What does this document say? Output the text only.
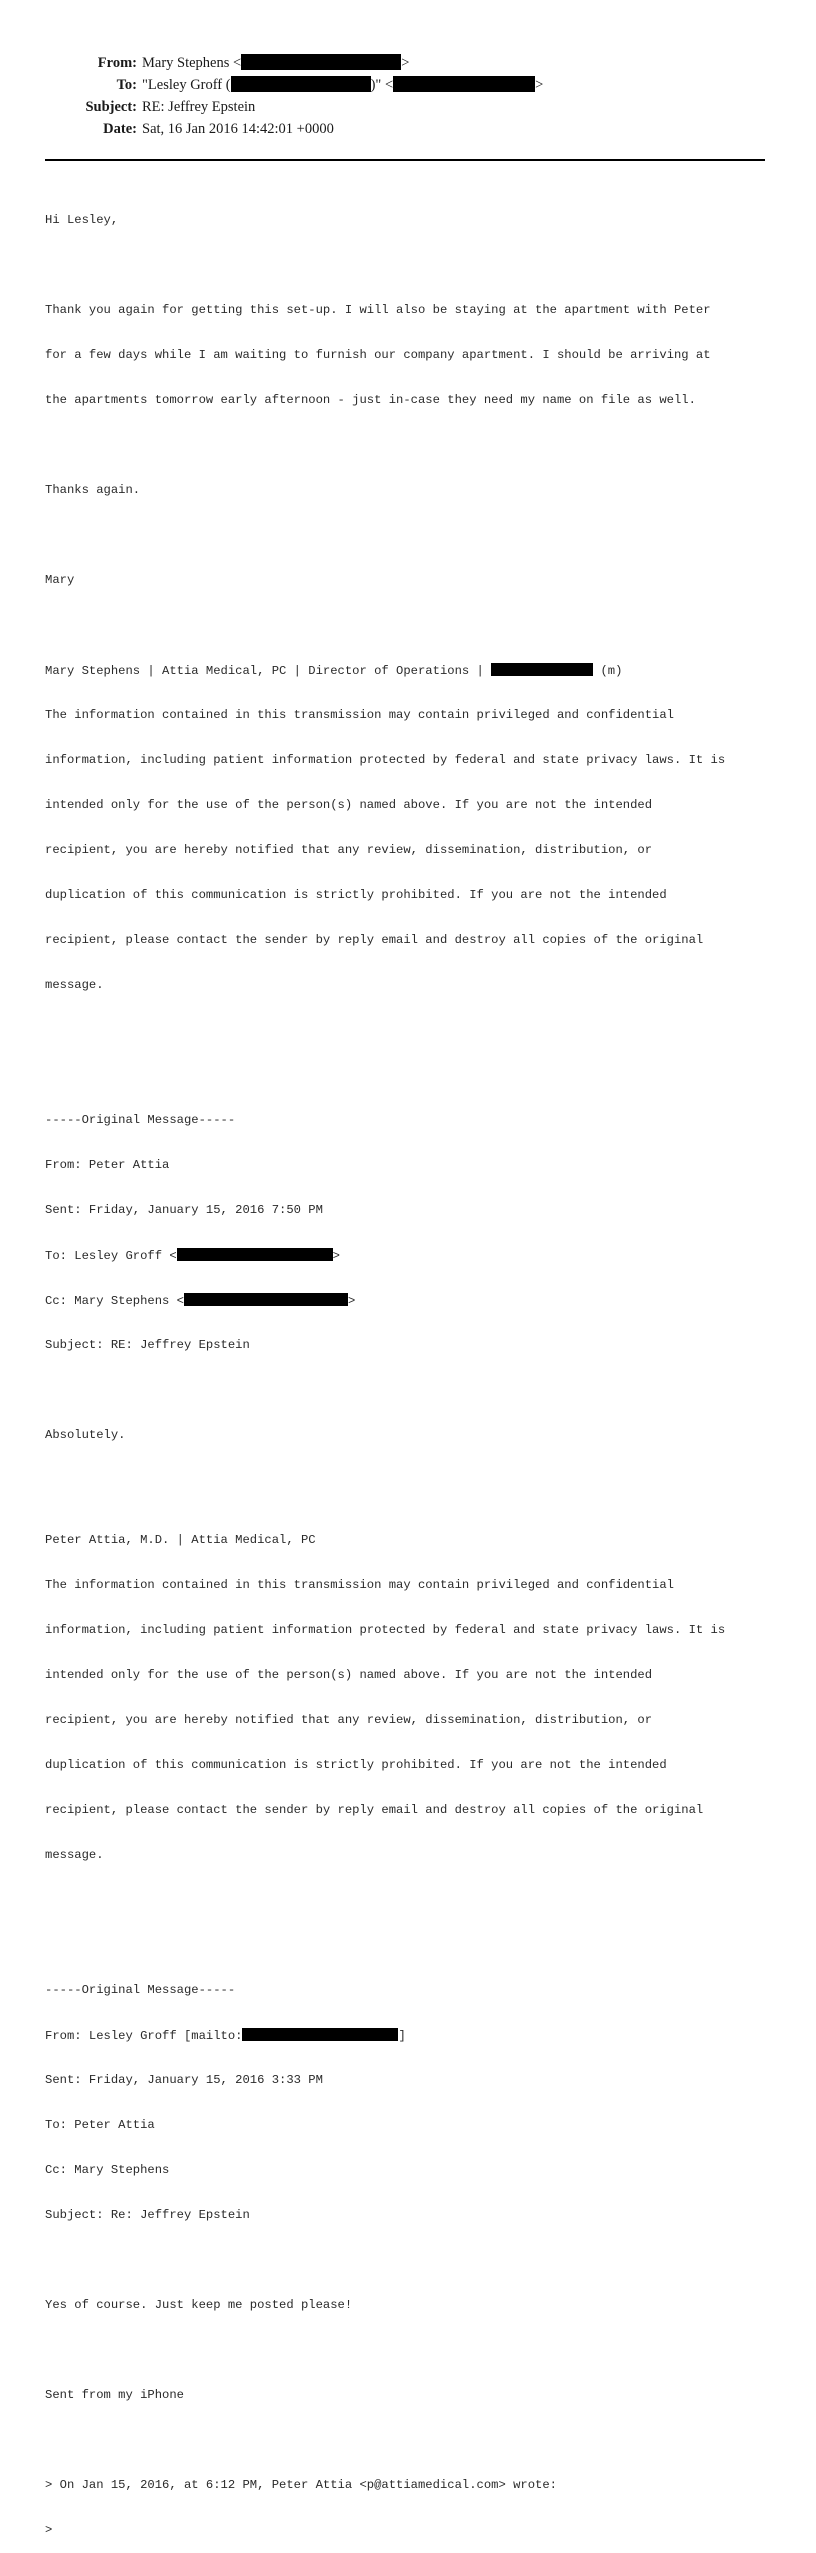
From: Mary Stephens <	>
To: "Lesley Groff (	)" <	>
Subject: RE: Jeffrey Epstein
Date: Sat, 16 Jan 2016 14:42:01 +0000

Hi Lesley,

Thank you again for getting this set-up. I will also be staying at the apartment with Peter

for a few days while I am waiting to furnish our company apartment. I should be arriving at

the apartments tomorrow early afternoon - just in-case they need my name on file as well.

Thanks again.

Mary

Mary Stephens | Attia Medical, PC | Director of Operations |	(m)

The information contained in this transmission may contain privileged and confidential

information, including patient information protected by federal and state privacy laws. It is

intended only for the use of the person(s) named above. If you are not the intended

recipient, you are hereby notified that any review, dissemination, distribution, or

duplication of this communication is strictly prohibited. If you are not the intended

recipient, please contact the sender by reply email and destroy all copies of the original

message.

-----Original Message-----

From: Peter Attia

Sent: Friday, January 15, 2016 7:50 PM

To: Lesley Groff <	>

Cc: Mary Stephens <	>

Subject: RE: Jeffrey Epstein

Absolutely.

Peter Attia, M.D. | Attia Medical, PC

The information contained in this transmission may contain privileged and confidential

information, including patient information protected by federal and state privacy laws. It is

intended only for the use of the person(s) named above. If you are not the intended

recipient, you are hereby notified that any review, dissemination, distribution, or

duplication of this communication is strictly prohibited. If you are not the intended

recipient, please contact the sender by reply email and destroy all copies of the original

message.

-----Original Message-----

From: Lesley Groff [mailto:	]

Sent: Friday, January 15, 2016 3:33 PM

To: Peter Attia

Cc: Mary Stephens

Subject: Re: Jeffrey Epstein

Yes of course. Just keep me posted please!

Sent from my iPhone

> On Jan 15, 2016, at 6:12 PM, Peter Attia <p@attiamedical.com> wrote:

>
